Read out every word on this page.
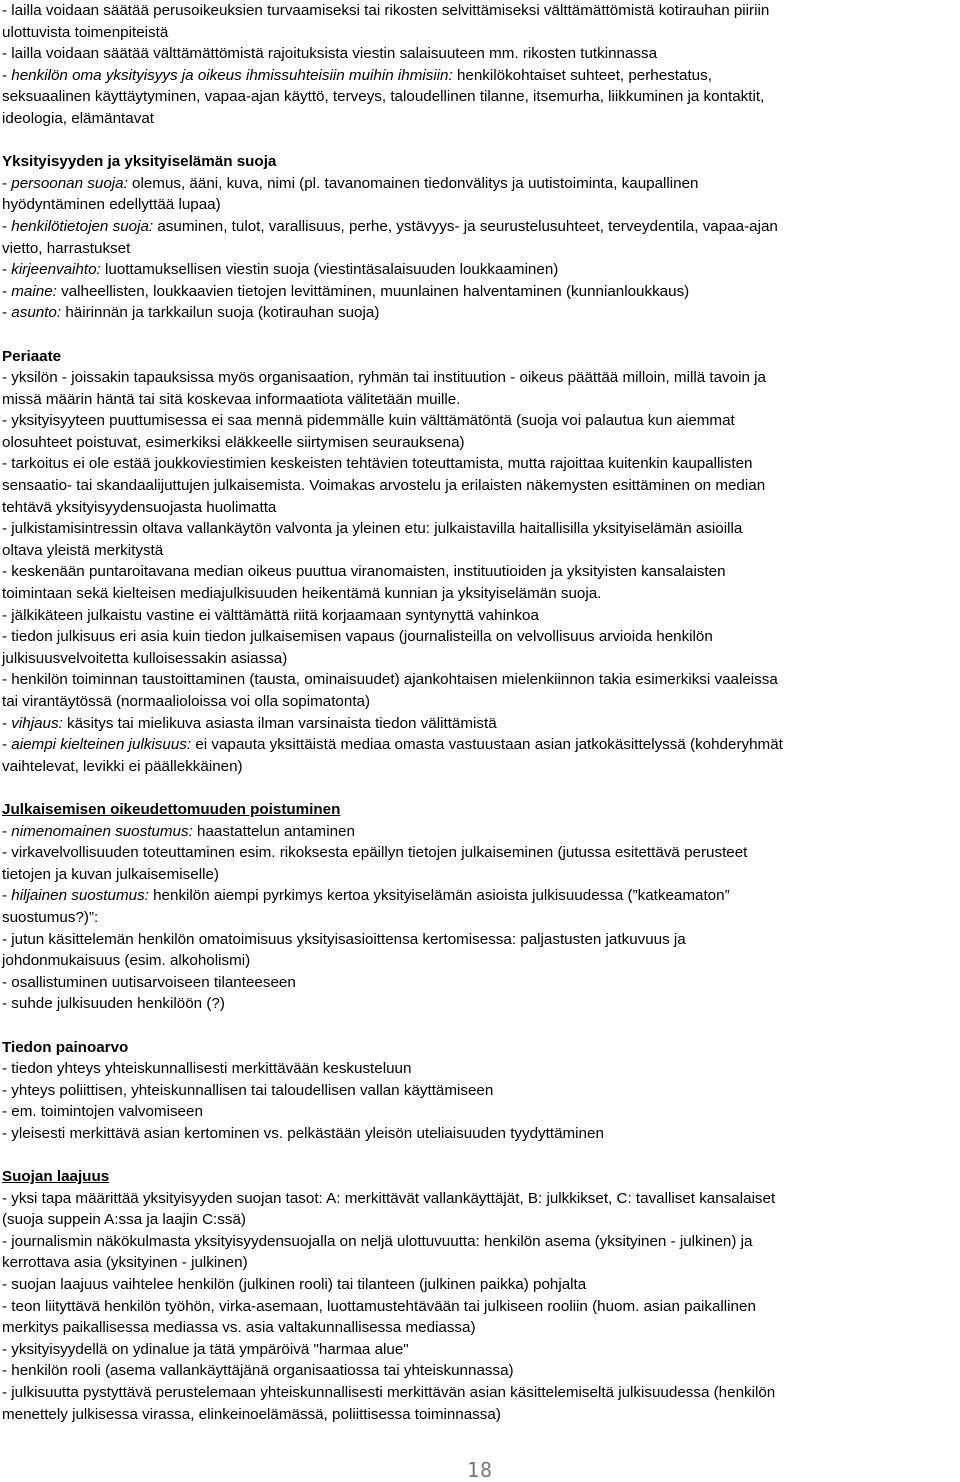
- lailla voidaan säätää perusoikeuksien turvaamiseksi tai rikosten selvittämiseksi välttämättömistä kotirauhan piiriin
ulottuvista toimenpiteistä
- lailla voidaan säätää välttämättömistä rajoituksista viestin salaisuuteen mm. rikosten tutkinnassa
- henkilön oma yksityisyys ja oikeus ihmissuhteisiin muihin ihmisiin: henkilökohtaiset suhteet, perhestatus,
seksuaalinen käyttäytyminen, vapaa-ajan käyttö, terveys, taloudellinen tilanne, itsemurha, liikkuminen ja kontaktit,
ideologia, elämäntavat
Yksityisyyden ja yksityiselämän suoja
- persoonan suoja: olemus, ääni, kuva, nimi (pl. tavanomainen tiedonvälitys ja uutistoiminta, kaupallinen
hyödyntäminen edellyttää lupaa)
- henkilötietojen suoja: asuminen, tulot, varallisuus, perhe, ystävyys- ja seurustelusuhteet, terveydentila, vapaa-ajan
vietto, harrastukset
- kirjeenvaihto: luottamuksellisen viestin suoja (viestintäsalaisuuden loukkaaminen)
- maine: valheellisten, loukkaavien tietojen levittäminen, muunlainen halventaminen (kunnianloukkaus)
- asunto: häirinnän ja tarkkailun suoja (kotirauhan suoja)
Periaate
- yksilön - joissakin tapauksissa myös organisaation, ryhmän tai instituution - oikeus päättää milloin, millä tavoin ja
missä määrin häntä tai sitä koskevaa informaatiota välitetään muille.
- yksityisyyteen puuttumisessa ei saa mennä pidemmälle kuin välttämätöntä (suoja voi palautua kun aiemmat
olosuhteet poistuvat, esimerkiksi eläkkeelle siirtymisen seurauksena)
- tarkoitus ei ole estää joukkoviestimien keskeisten tehtävien toteuttamista, mutta rajoittaa kuitenkin kaupallisten
sensaatio- tai skandaalijuttujen julkaisemista. Voimakas arvostelu ja erilaisten näkemysten esittäminen on median
tehtävä yksityisyydensuojasta huolimatta
- julkistamisintressin oltava vallankäytön valvonta ja yleinen etu: julkaistavilla haitallisilla yksityiselämän asioilla
oltava yleistä merkitystä
- keskenään puntaroitavana median oikeus puuttua viranomaisten, instituutioiden ja yksityisten kansalaisten
toimintaan sekä kielteisen mediajulkisuuden heikentämä kunnian ja yksityiselämän suoja.
- jälkikäteen julkaistu vastine ei välttämättä riitä korjaamaan syntynyttä vahinkoa
- tiedon julkisuus eri asia kuin tiedon julkaisemisen vapaus (journalisteilla on velvollisuus arvioida henkilön
julkisuusvelvoitetta kulloisessakin asiassa)
- henkilön toiminnan taustoittaminen (tausta, ominaisuudet) ajankohtaisen mielenkiinnon takia esimerkiksi vaaleissa
tai virantäytössä (normaalioloissa voi olla sopimatonta)
- vihjaus: käsitys tai mielikuva asiasta ilman varsinaista tiedon välittämistä
- aiempi kielteinen julkisuus: ei vapauta yksittäistä mediaa omasta vastuustaan asian jatkokäsittelyssä (kohderyhmät
vaihtelevat, levikki ei päällekkäinen)
Julkaisemisen oikeudettomuuden poistuminen
- nimenomainen suostumus: haastattelun antaminen
- virkavelvollisuuden toteuttaminen esim. rikoksesta epäillyn tietojen julkaiseminen (jutussa esitettävä perusteet
tietojen ja kuvan julkaisemiselle)
- hiljainen suostumus: henkilön aiempi pyrkimys kertoa yksityiselämän asioista julkisuudessa (”katkeamaton”
suostumus?)”:
- jutun käsittelemän henkilön omatoimisuus yksityisasioittensa kertomisessa: paljastusten jatkuvuus ja
johdonmukaisuus (esim. alkoholismi)
- osallistuminen uutisarvoiseen tilanteeseen
- suhde julkisuuden henkilöön (?)
Tiedon painoarvo
- tiedon yhteys yhteiskunnallisesti merkittävään keskusteluun
- yhteys poliittisen, yhteiskunnallisen tai taloudellisen vallan käyttämiseen
- em. toimintojen valvomiseen
- yleisesti merkittävä asian kertominen vs. pelkästään yleisön uteliaisuuden tyydyttäminen
Suojan laajuus
- yksi tapa määrittää yksityisyyden suojan tasot: A: merkittävät vallankäyttäjät, B: julkkikset, C: tavalliset kansalaiset
(suoja suppein A:ssa ja laajin C:ssä)
- journalismin näkökulmasta yksityisyydensuojalla on neljä ulottuvuutta: henkilön asema (yksityinen - julkinen) ja
kerrottava asia (yksityinen - julkinen)
- suojan laajuus vaihtelee henkilön (julkinen rooli) tai tilanteen (julkinen paikka) pohjalta
- teon liityttävä henkilön työhön, virka-asemaan, luottamustehtävään tai julkiseen rooliin (huom. asian paikallinen
merkitys paikallisessa mediassa vs. asia valtakunnallisessa mediassa)
- yksityisyydellä on ydinalue ja tätä ympäröivä "harmaa alue"
- henkilön rooli (asema vallankäyttäjänä organisaatiossa tai yhteiskunnassa)
- julkisuutta pystyttävä perustelemaan yhteiskunnallisesti merkittävän asian käsittelemiseltä julkisuudessa (henkilön
menettely julkisessa virassa, elinkeinoelämässä, poliittisessa toiminnassa)
18
